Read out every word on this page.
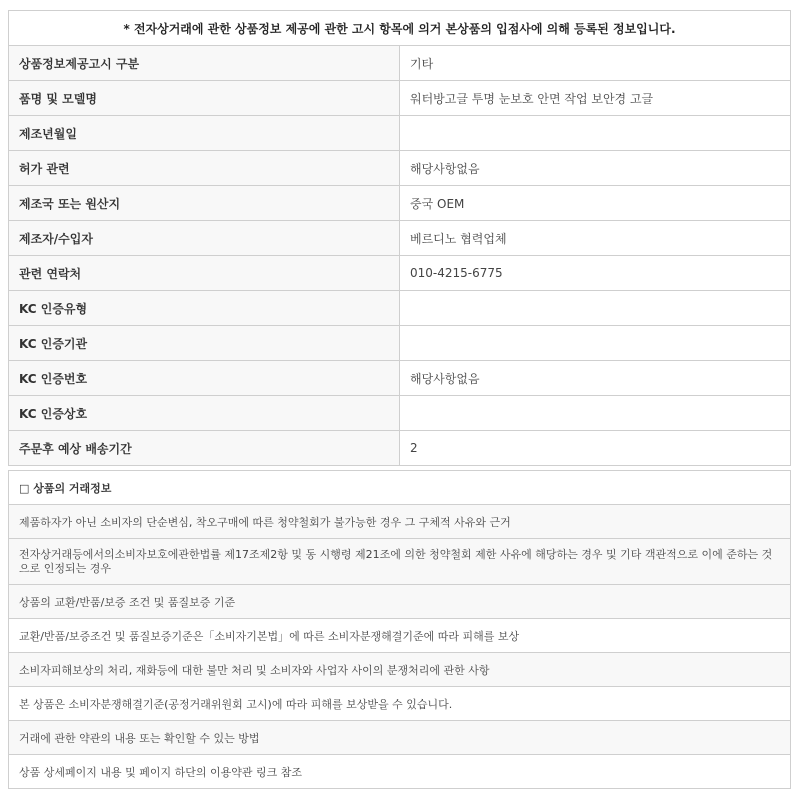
* 전자상거래에 관한 상품정보 제공에 관한 고시 항목에 의거 본상품의 입점사에 의해 등록된 정보입니다.	
상품정보제공고시 구분	기타
품명 및 모델명	워터방고글 투명 눈보호 안면 작업 보안경 고글
제조년월일	
허가 관련	해당사항없음
제조국 또는 원산지	중국 OEM
제조자/수입자	베르디노 협력업체
관련 연락처	010-4215-6775
KC 인증유형	
KC 인증기관	
KC 인증번호	해당사항없음
KC 인증상호	
주문후 예상 배송기간	2
□ 상품의 거래정보
제품하자가 아닌 소비자의 단순변심, 착오구매에 따른 청약철회가 불가능한 경우 그 구체적 사유와 근거
전자상거래등에서의소비자보호에관한법률 제17조제2항 및 동 시행령 제21조에 의한 청약철회 제한 사유에 해당하는 경우 및 기타 객관적으로 이에 준하는 것으로 인정되는 경우
상품의 교환/반품/보증 조건 및 품질보증 기준
교환/반품/보증조건 및 품질보증기준은「소비자기본법」에 따른 소비자분쟁해결기준에 따라 피해를 보상
소비자피해보상의 처리, 재화등에 대한 불만 처리 및 소비자와 사업자 사이의 분쟁처리에 관한 사항
본 상품은 소비자분쟁해결기준(공정거래위원회 고시)에 따라 피해를 보상받을 수 있습니다.
거래에 관한 약관의 내용 또는 확인할 수 있는 방법
상품 상세페이지 내용 및 페이지 하단의 이용약관 링크 참조
